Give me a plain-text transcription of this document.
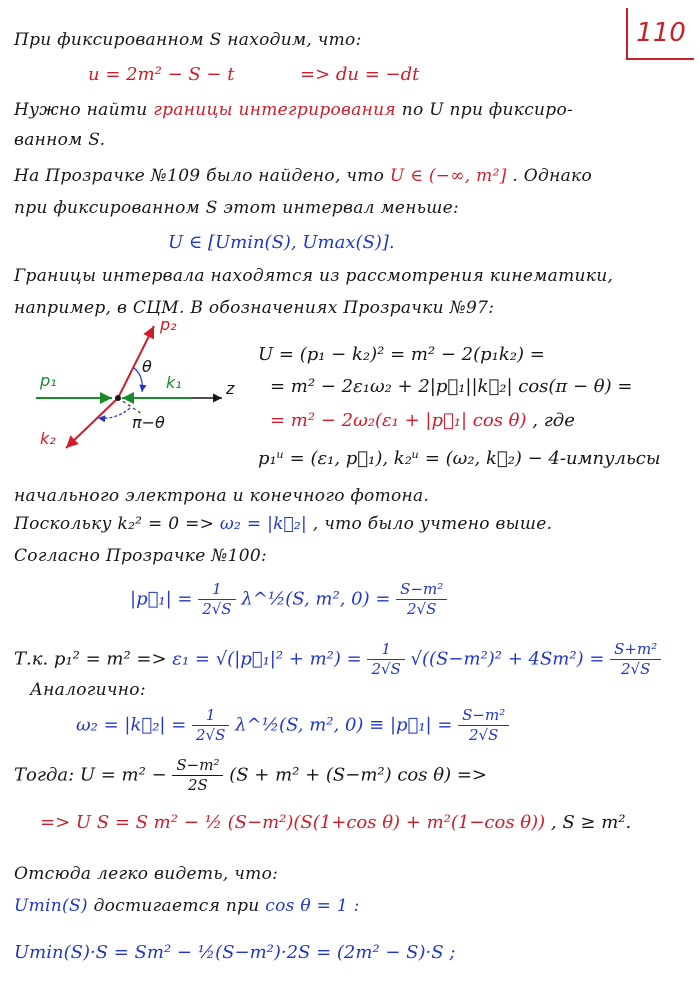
110
При фиксированном S находим, что:
u = 2m² − S − t	=> du = −dt
Нужно найти границы интегрирования по U при фиксиро-
ванном S.
На Прозрачке №109 было найдено, что U ∈ (−∞, m²] . Однако
при фиксированном S этот интервал меньше:
U ∈ [Umin(S), Umax(S)].
Границы интервала находятся из рассмотрения кинематики,
например, в СЦМ. В обозначениях Прозрачки №97:
p₁	k₁
p₂
k₂
θ
π−θ
z
U = (p₁ − k₂)² = m² − 2(p₁k₂) =
= m² − 2ε₁ω₂ + 2|p⃗₁||k⃗₂| cos(π − θ) =
= m² − 2ω₂(ε₁ + |p⃗₁| cos θ) , где
p₁ᵘ = (ε₁, p⃗₁), k₂ᵘ = (ω₂, k⃗₂) − 4-импульсы
начального электрона и конечного фотона.
Поскольку k₂² = 0 => ω₂ = |k⃗₂| , что было учтено выше.
Согласно Прозрачке №100:
|p⃗₁| = $\frac{1}{2√S}$ λ^½(S, m², $0) = \frac{\text{S−m²}}{2√S}$
Т.к. p₁² = m² => ε₁ = √(|p⃗₁|² + $m^2) = \frac{1}{2√S} √((S-m^2)^2 + 4Sm^2) = \frac{\text{S+m²}}{2√S}$
Аналогично:
ω₂ = |k⃗₂| = $\frac{1}{2√S}$ λ^½(S, m², 0) ≡ |p⃗₁| = $\frac{\text{S−m²}}{2√S}$
Тогда: $U = m^2 - \frac{\text{S−m²}}{2S} (S + m^2 + (S-m^2)$ cos θ) =>
=> U S = S m² − ½ (S−m²)(S(1+cos θ) + m²(1−cos θ)) , S ≥ m².
Отсюда легко видеть, что:
Umin(S) достигается при cos θ = 1 :
Umin(S)·S = Sm² − ½(S−m²)·2S = (2m² − S)·S ;
